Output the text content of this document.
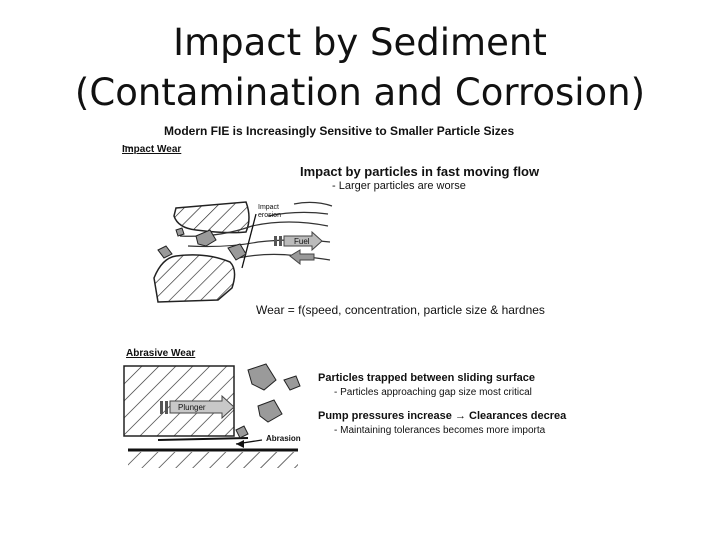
Impact by Sediment
(Contamination and Corrosion)
Modern FIE is Increasingly Sensitive to Smaller Particle Sizes
Impact Wear
Impact by particles in fast moving flow
- Larger particles are worse
Impact
erosion
Fuel
Wear = f(speed, concentration, particle size & hardnes
Abrasive Wear
Particles trapped between sliding surface
- Particles approaching gap size most critical
Pump pressures increase → Clearances decrea
- Maintaining tolerances becomes more importa
Plunger
Abrasion
